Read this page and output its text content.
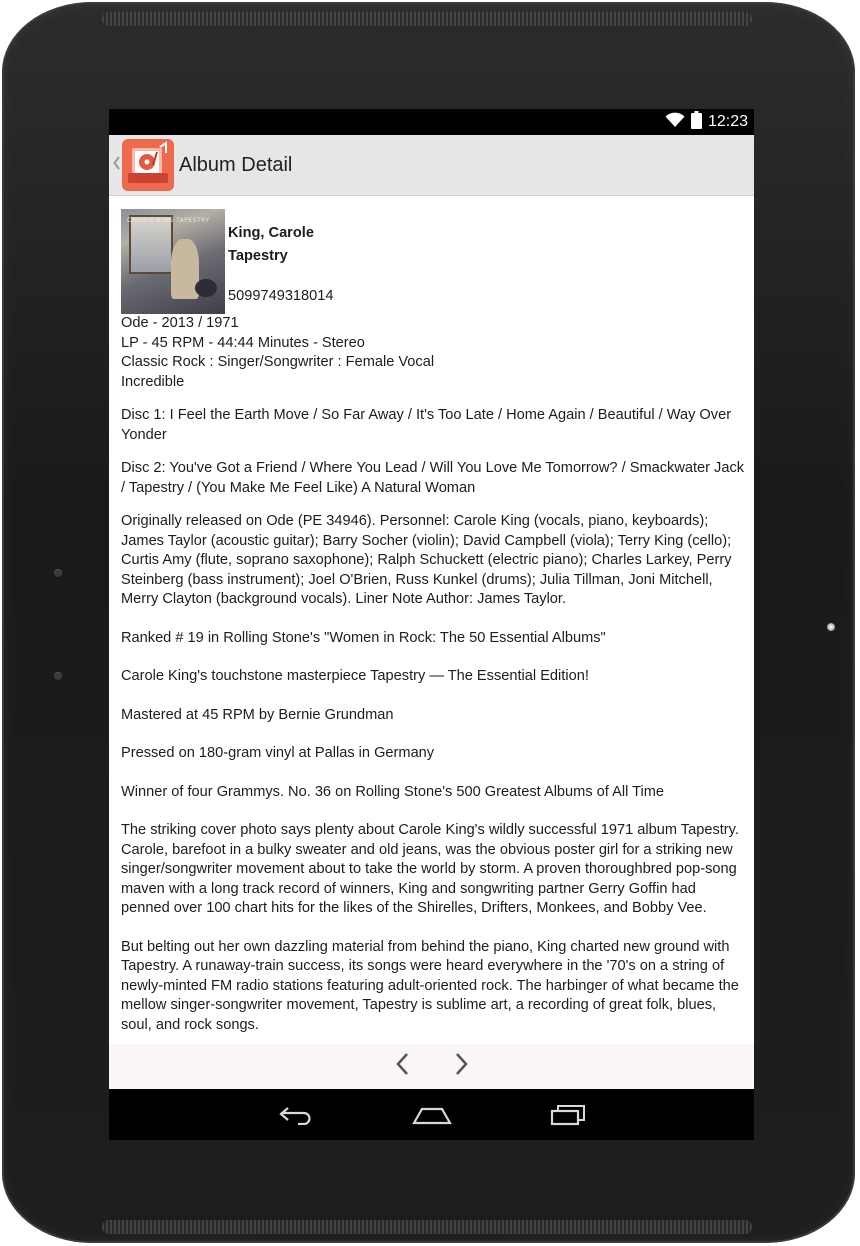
12:23
Album Detail
CAROLE KING TAPESTRY
King, Carole
Tapestry
5099749318014

Ode - 2013 / 1971

LP - 45 RPM - 44:44 Minutes - Stereo

Classic Rock : Singer/Songwriter : Female Vocal

Incredible

Disc 1: I Feel the Earth Move / So Far Away / It's Too Late / Home Again / Beautiful / Way Over Yonder

Disc 2: You've Got a Friend / Where You Lead / Will You Love Me Tomorrow? / Smackwater Jack / Tapestry / (You Make Me Feel Like) A Natural Woman

Originally released on Ode (PE 34946). Personnel: Carole King (vocals, piano, keyboards); James Taylor (acoustic guitar); Barry Socher (violin); David Campbell (viola); Terry King (cello); Curtis Amy (flute, soprano saxophone); Ralph Schuckett (electric piano); Charles Larkey, Perry Steinberg (bass instrument); Joel O'Brien, Russ Kunkel (drums); Julia Tillman, Joni Mitchell, Merry Clayton (background vocals). Liner Note Author: James Taylor.

Ranked # 19 in Rolling Stone's "Women in Rock: The 50 Essential Albums"

Carole King's touchstone masterpiece Tapestry — The Essential Edition!

Mastered at 45 RPM by Bernie Grundman

Pressed on 180-gram vinyl at Pallas in Germany

Winner of four Grammys. No. 36 on Rolling Stone's 500 Greatest Albums of All Time

The striking cover photo says plenty about Carole King's wildly successful 1971 album Tapestry. Carole, barefoot in a bulky sweater and old jeans, was the obvious poster girl for a striking new singer/songwriter movement about to take the world by storm. A proven thoroughbred pop-song maven with a long track record of winners, King and songwriting partner Gerry Goffin had penned over 100 chart hits for the likes of the Shirelles, Drifters, Monkees, and Bobby Vee.

But belting out her own dazzling material from behind the piano, King charted new ground with Tapestry. A runaway-train success, its songs were heard everywhere in the '70's on a string of newly-minted FM radio stations featuring adult-oriented rock. The harbinger of what became the mellow singer-songwriter movement, Tapestry is sublime art, a recording of great folk, blues, soul, and rock songs.
